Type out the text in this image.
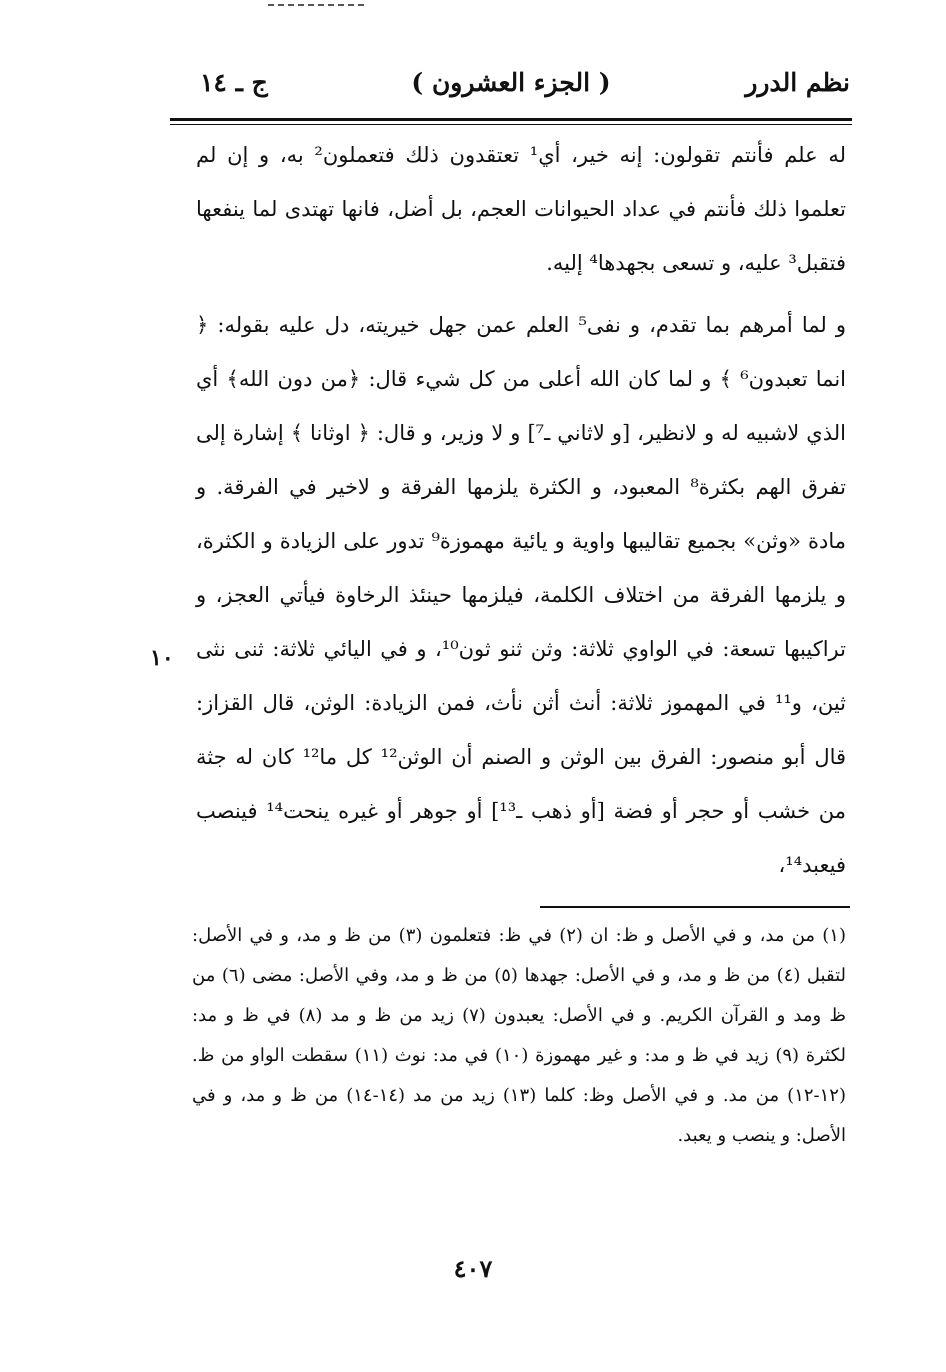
نظم الدرر
( الجزء العشرون )
ج ـ ١٤

له علم فأنتم تقولون: إنه خير، أي¹ تعتقدون ذلك فتعملون² به، و إن لم تعلموا ذلك فأنتم في عداد الحيوانات العجم، بل أضل، فانها تهتدى لما ينفعها فتقبل³ عليه، و تسعى بجهدها⁴ إليه.

و لما أمرهم بما تقدم، و نفى⁵ العلم عمن جهل خيريته، دل عليه بقوله: ﴿ انما تعبدون⁶ ﴾ و لما كان الله أعلى من كل شيء قال: ﴿من دون الله﴾ أي الذي لاشبيه له و لانظير، [و لاثاني ـ⁷] و لا وزير، و قال: ﴿ اوثانا ﴾ إشارة إلى تفرق الهم بكثرة⁸ المعبود، و الكثرة يلزمها الفرقة و لاخير في الفرقة. و مادة «وثن» بجميع تقاليبها واوية و يائية مهموزة⁹ تدور على الزيادة و الكثرة، و يلزمها الفرقة من اختلاف الكلمة، فيلزمها حينئذ الرخاوة فيأتي العجز، و تراكيبها تسعة: في الواوي ثلاثة: وثن ثنو ثون¹⁰، و في اليائي ثلاثة: ثنى نثى ثين، و¹¹ في المهموز ثلاثة: أنث أثن نأث، فمن الزيادة: الوثن، قال القزاز: قال أبو منصور: الفرق بين الوثن و الصنم أن الوثن¹² كل ما¹² كان له جثة من خشب أو حجر أو فضة [أو ذهب ـ¹³] أو جوهر أو غيره ينحت¹⁴ فينصب فيعبد¹⁴،

١٠

(١) من مد، و في الأصل و ظ: ان (٢) في ظ: فتعلمون (٣) من ظ و مد، و في الأصل: لتقبل (٤) من ظ و مد، و في الأصل: جهدها (٥) من ظ و مد، وفي الأصل: مضى (٦) من ظ ومد و القرآن الكريم. و في الأصل: يعبدون (٧) زيد من ظ و مد (٨) في ظ و مد: لكثرة (٩) زيد في ظ و مد: و غير مهموزة (١٠) في مد: نوث (١١) سقطت الواو من ظ. (١٢-١٢) من مد. و في الأصل وظ: كلما (١٣) زيد من مد (١٤-١٤) من ظ و مد، و في الأصل: و ينصب و يعبد.

٤٠٧
